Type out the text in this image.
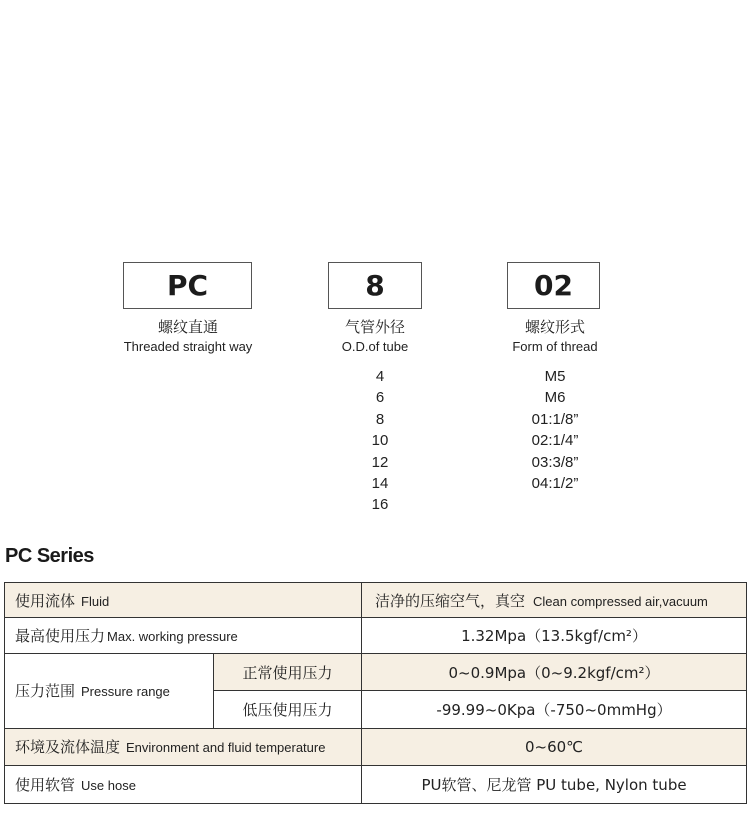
PC	8	02
螺纹直通
Threaded straight way
气管外径
O.D.of tube
螺纹形式
Form of thread
4
6
8
10
12
14
16
M5
M6
01:1/8”
02:1/4”
03:3/8”
04:1/2”
PC Series
使用流体 Fluid		洁净的压缩空气，真空 Clean compressed air,vacuum
最高使用压力 Max. working pressure		1.32Mpa（13.5kgf/cm²）
压力范围 Pressure range	正常使用压力	0~0.9Mpa（0~9.2kgf/cm²）
	低压使用压力	-99.99~0Kpa（-750~0mmHg）
环境及流体温度 Environment and fluid temperature		0~60℃
使用软管 Use hose		PU软管、尼龙管 PU tube, Nylon tube
